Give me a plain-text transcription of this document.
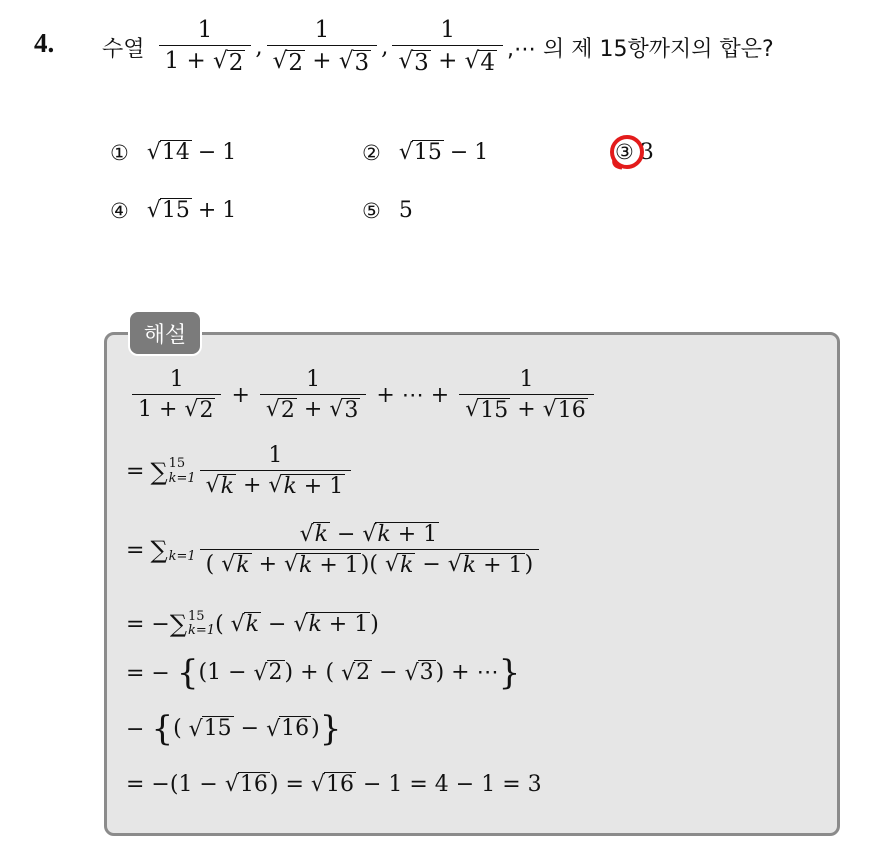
4. 수열 $\frac{1}{1 + √ 2}$ , $\frac{1}{√ 2 + √ 3}$ , $\frac{1}{√ 3 + √ 4}$ ,⋯ 의 제 15항까지의 합은?
① √ 14 − 1	② √ 15 − 1	③ 3
④ √ 15 + 1	⑤ 5
해설
$\frac{1}{1 + √ 2} + \frac{1}{√ 2 + √ 3}$ + ⋯ + $\frac{1}{√ 15 + √ 16}$
= ∑ 15
$k=1 \frac{1}{√ k + √ k + 1}$
= ∑
$k=1 \frac{√ k - √ k + 1}{( √ k + √ k + 1 )( √ k - √ k + 1 )}$
= − ∑ 15
k=1 ( √ k − √ k + 1 )
= − { (1 − √ 2 ) + ( √ 2 − √ 3 ) + ⋯ }
− { ( √ 15 − √ 16 ) }
= −(1 − √ 16 ) = √ 16 − 1 = 4 − 1 = 3
